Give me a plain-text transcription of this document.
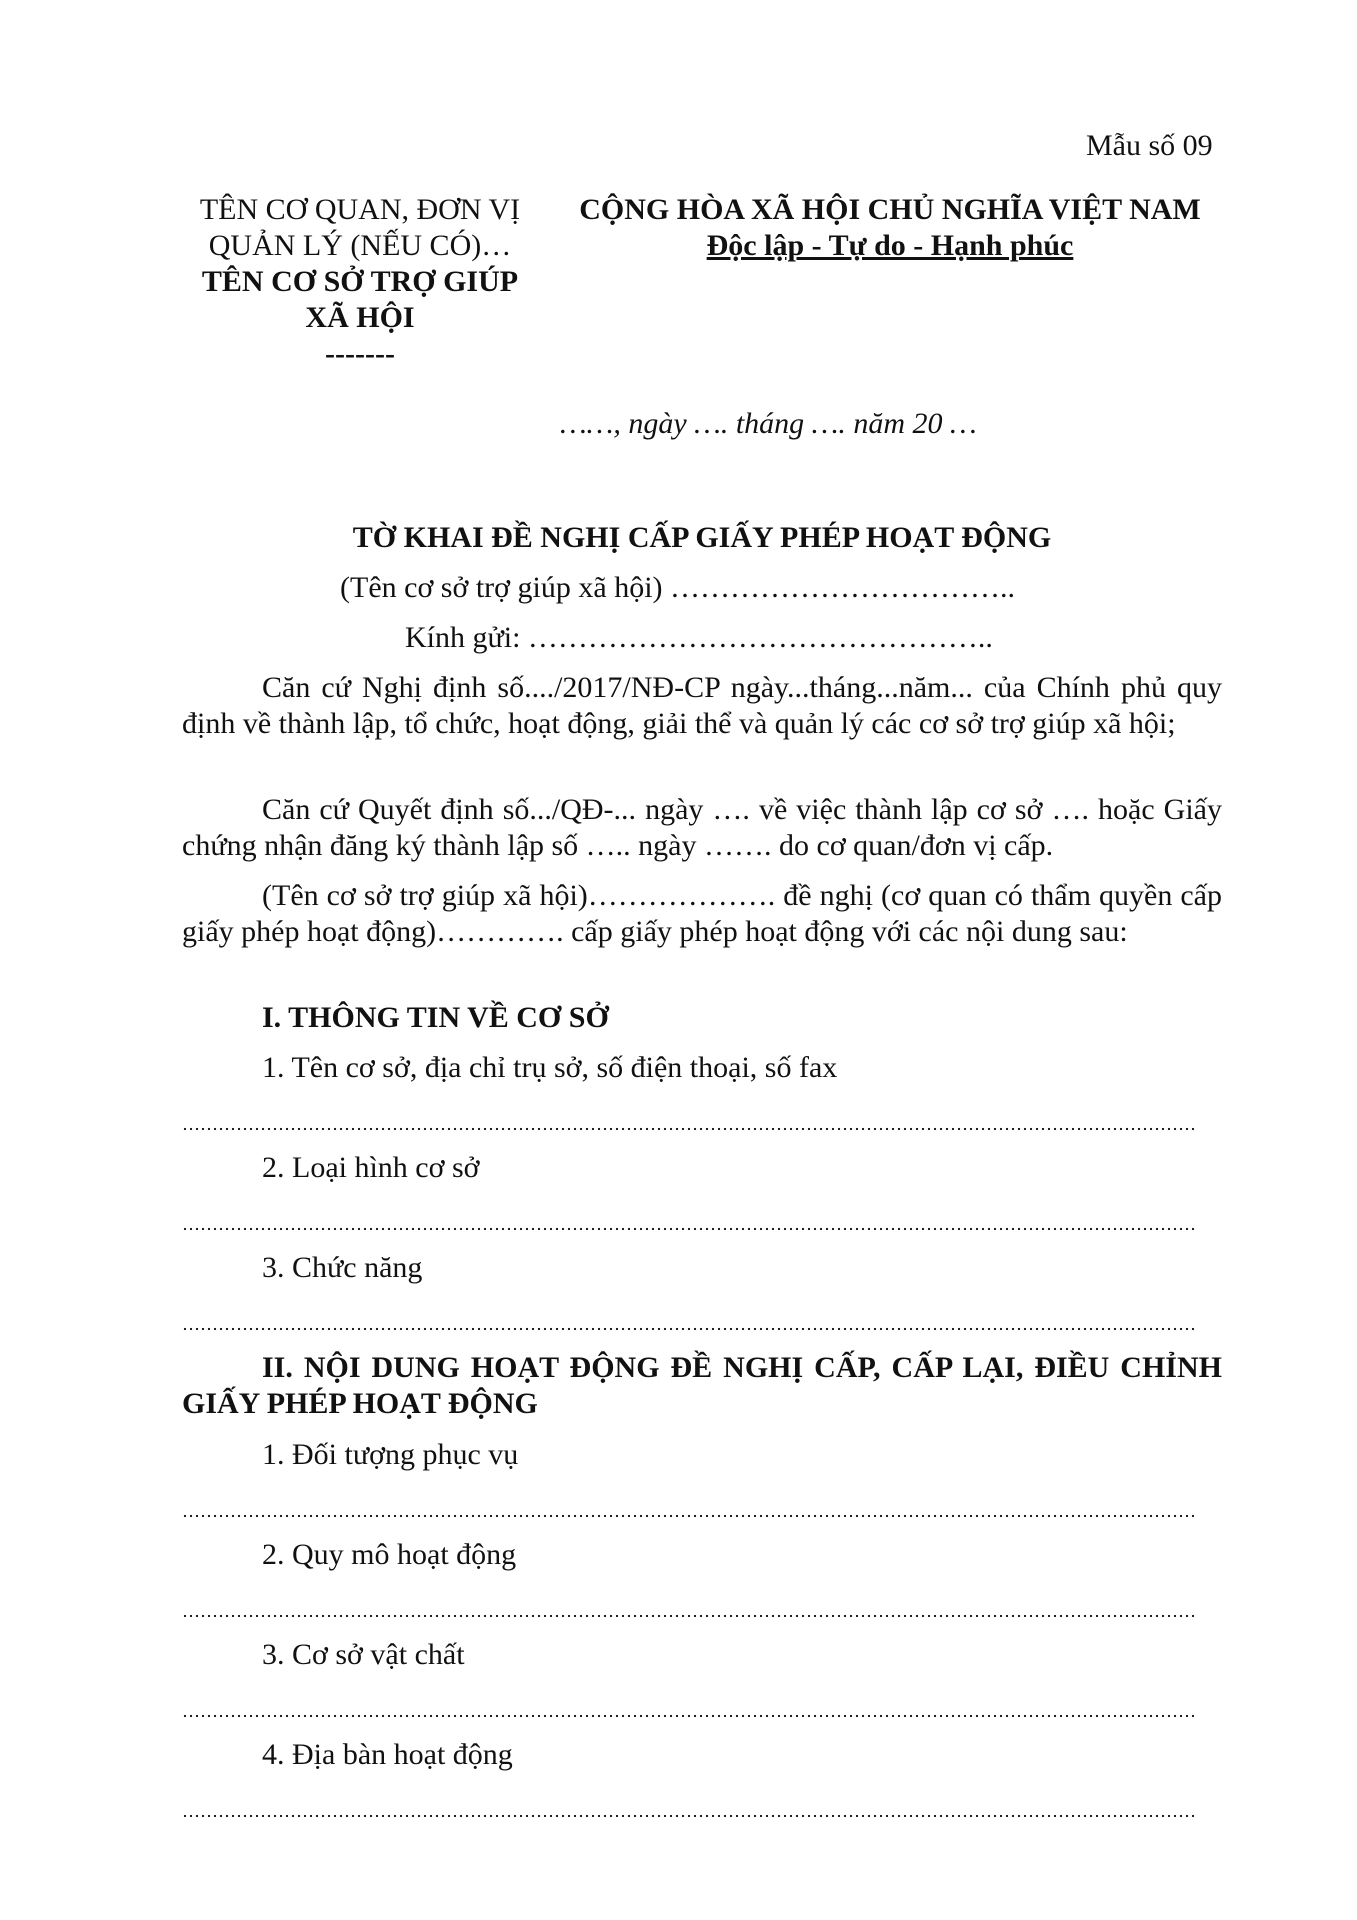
Mẫu số 09
TÊN CƠ QUAN, ĐƠN VỊ
QUẢN LÝ (NẾU CÓ)…
TÊN CƠ SỞ TRỢ GIÚP
XÃ HỘI
-------
CỘNG HÒA XÃ HỘI CHỦ NGHĨA VIỆT NAM
Độc lập - Tự do - Hạnh phúc
……, ngày …. tháng …. năm 20 …
TỜ KHAI ĐỀ NGHỊ CẤP GIẤY PHÉP HOẠT ĐỘNG
(Tên cơ sở trợ giúp xã hội) ……………………………..
Kính gửi: ………………………………………..
Căn cứ Nghị định số..../2017/NĐ-CP ngày...tháng...năm... của Chính phủ quy định về thành lập, tổ chức, hoạt động, giải thể và quản lý các cơ sở trợ giúp xã hội;
Căn cứ Quyết định số.../QĐ-... ngày …. về việc thành lập cơ sở …. hoặc Giấy chứng nhận đăng ký thành lập số ….. ngày ……. do cơ quan/đơn vị cấp.
(Tên cơ sở trợ giúp xã hội)………………. đề nghị (cơ quan có thẩm quyền cấp giấy phép hoạt động)…………. cấp giấy phép hoạt động với các nội dung sau:
I. THÔNG TIN VỀ CƠ SỞ
1. Tên cơ sở, địa chỉ trụ sở, số điện thoại, số fax
2. Loại hình cơ sở
3. Chức năng
II. NỘI DUNG HOẠT ĐỘNG ĐỀ NGHỊ CẤP, CẤP LẠI, ĐIỀU CHỈNH GIẤY PHÉP HOẠT ĐỘNG
1. Đối tượng phục vụ
2. Quy mô hoạt động
3. Cơ sở vật chất
4. Địa bàn hoạt động
